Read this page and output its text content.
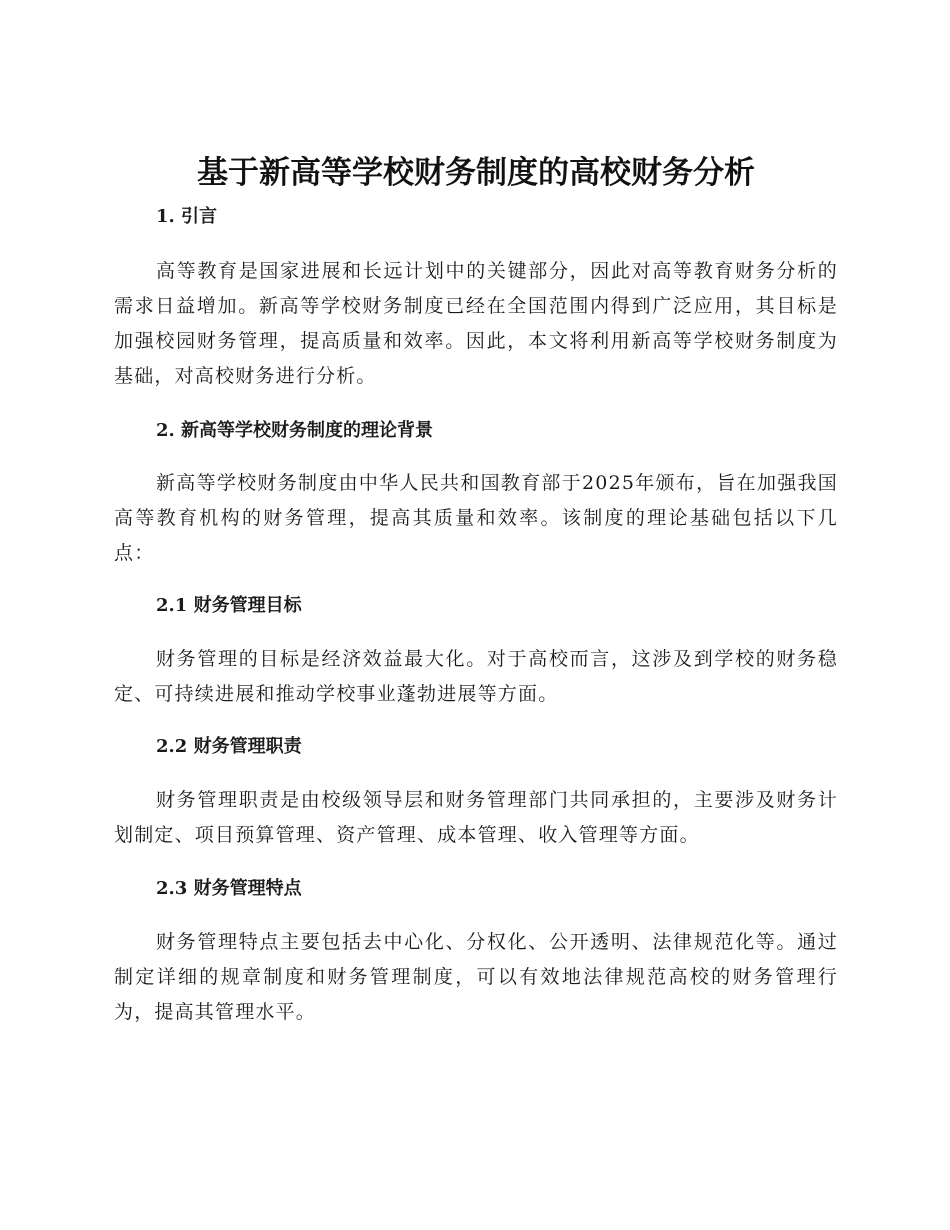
基于新高等学校财务制度的高校财务分析
1. 引言

高等教育是国家进展和长远计划中的关键部分，因此对高等教育财务分析的需求日益增加。新高等学校财务制度已经在全国范围内得到广泛应用，其目标是加强校园财务管理，提高质量和效率。因此，本文将利用新高等学校财务制度为基础，对高校财务进行分析。

2. 新高等学校财务制度的理论背景

新高等学校财务制度由中华人民共和国教育部于2025年颁布，旨在加强我国高等教育机构的财务管理，提高其质量和效率。该制度的理论基础包括以下几点：

2.1 财务管理目标

财务管理的目标是经济效益最大化。对于高校而言，这涉及到学校的财务稳定、可持续进展和推动学校事业蓬勃进展等方面。

2.2 财务管理职责

财务管理职责是由校级领导层和财务管理部门共同承担的，主要涉及财务计划制定、项目预算管理、资产管理、成本管理、收入管理等方面。

2.3 财务管理特点

财务管理特点主要包括去中心化、分权化、公开透明、法律规范化等。通过制定详细的规章制度和财务管理制度，可以有效地法律规范高校的财务管理行为，提高其管理水平。
